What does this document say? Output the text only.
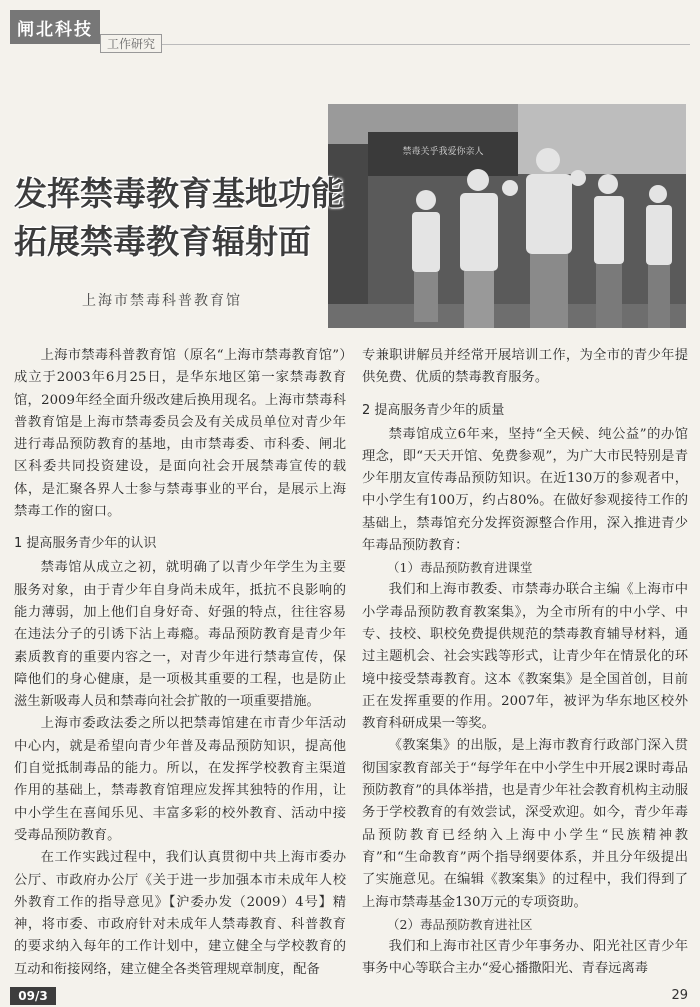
闸北科技
工作研究
禁毒关乎我爱你亲人
发挥禁毒教育基地功能
拓展禁毒教育辐射面
上海市禁毒科普教育馆

上海市禁毒科普教育馆（原名“上海市禁毒教育馆”）成立于2003年6月25日，是华东地区第一家禁毒教育馆，2009年经全面升级改建后换用现名。上海市禁毒科普教育馆是上海市禁毒委员会及有关成员单位对青少年进行毒品预防教育的基地，由市禁毒委、市科委、闸北区科委共同投资建设，是面向社会开展禁毒宣传的载体，是汇聚各界人士参与禁毒事业的平台，是展示上海禁毒工作的窗口。

1 提高服务青少年的认识

禁毒馆从成立之初，就明确了以青少年学生为主要服务对象，由于青少年自身尚未成年，抵抗不良影响的能力薄弱，加上他们自身好奇、好强的特点，往往容易在违法分子的引诱下沾上毒瘾。毒品预防教育是青少年素质教育的重要内容之一，对青少年进行禁毒宣传，保障他们的身心健康，是一项极其重要的工程，也是防止滋生新吸毒人员和禁毒向社会扩散的一项重要措施。

上海市委政法委之所以把禁毒馆建在市青少年活动中心内，就是希望向青少年普及毒品预防知识，提高他们自觉抵制毒品的能力。所以，在发挥学校教育主渠道作用的基础上，禁毒教育馆理应发挥其独特的作用，让中小学生在喜闻乐见、丰富多彩的校外教育、活动中接受毒品预防教育。

在工作实践过程中，我们认真贯彻中共上海市委办公厅、市政府办公厅《关于进一步加强本市未成年人校外教育工作的指导意见》【沪委办发（2009）4号】精神，将市委、市政府针对未成年人禁毒教育、科普教育的要求纳入每年的工作计划中，建立健全与学校教育的互动和衔接网络，建立健全各类管理规章制度，配备

专兼职讲解员并经常开展培训工作，为全市的青少年提供免费、优质的禁毒教育服务。

2 提高服务青少年的质量

禁毒馆成立6年来，坚持“全天候、纯公益”的办馆理念，即“天天开馆、免费参观”，为广大市民特别是青少年朋友宣传毒品预防知识。在近130万的参观者中，中小学生有100万，约占80%。在做好参观接待工作的基础上，禁毒馆充分发挥资源整合作用，深入推进青少年毒品预防教育：

（1）毒品预防教育进课堂

我们和上海市教委、市禁毒办联合主编《上海市中小学毒品预防教育教案集》，为全市所有的中小学、中专、技校、职校免费提供规范的禁毒教育辅导材料，通过主题机会、社会实践等形式，让青少年在情景化的环境中接受禁毒教育。这本《教案集》是全国首创，目前正在发挥重要的作用。2007年，被评为华东地区校外教育科研成果一等奖。

《教案集》的出版，是上海市教育行政部门深入贯彻国家教育部关于“每学年在中小学生中开展2课时毒品预防教育”的具体举措，也是青少年社会教育机构主动服务于学校教育的有效尝试，深受欢迎。如今，青少年毒品预防教育已经纳入上海中小学生“民族精神教育”和“生命教育”两个指导纲要体系，并且分年级提出了实施意见。在编辑《教案集》的过程中，我们得到了上海市禁毒基金130万元的专项资助。

（2）毒品预防教育进社区

我们和上海市社区青少年事务办、阳光社区青少年事务中心等联合主办“爱心播撒阳光、青春远离毒

09/3	29
